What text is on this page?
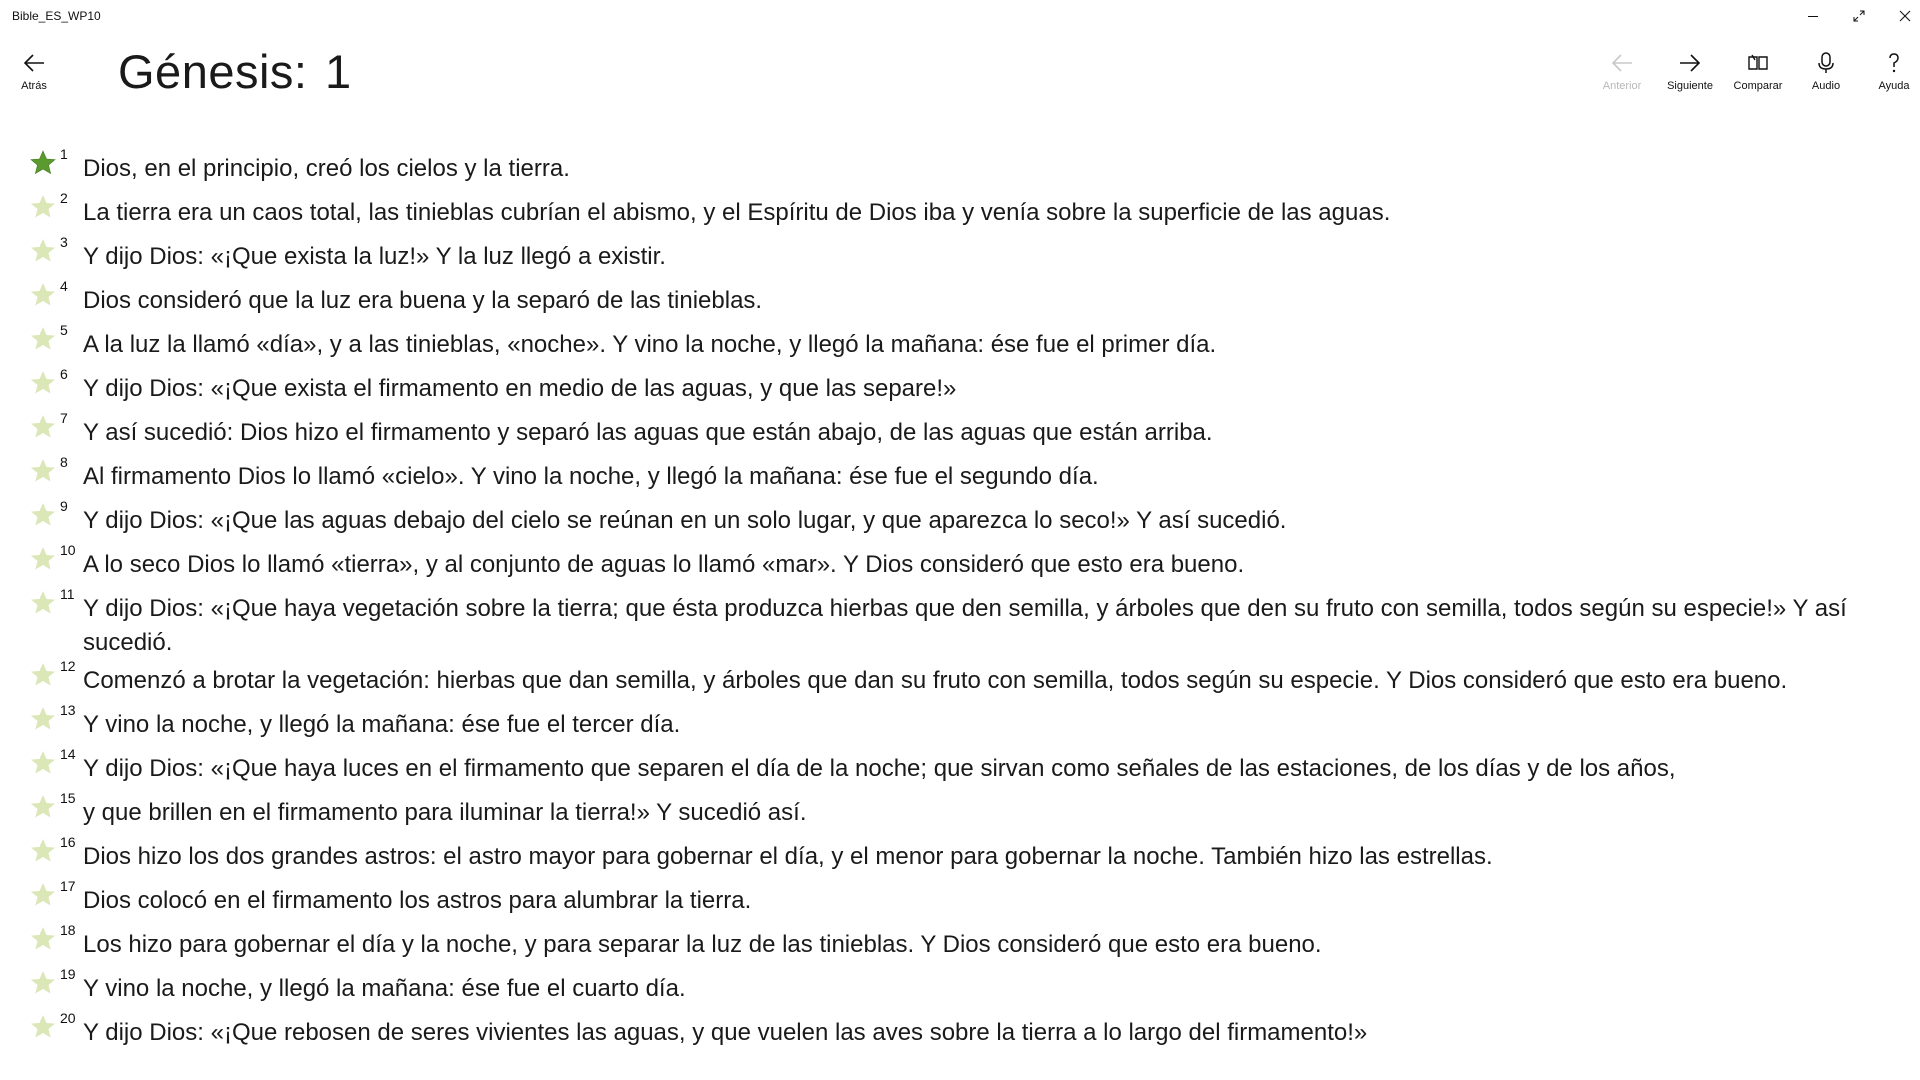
Bible_ES_WP10
Atrás Génesis: 1	Anterior Siguiente Comparar	Audio	Ayuda
1
Dios, en el principio, creó los cielos y la tierra.
2
La tierra era un caos total, las tinieblas cubrían el abismo, y el Espíritu de Dios iba y venía sobre la superficie de las aguas.
3
Y dijo Dios: «¡Que exista la luz!» Y la luz llegó a existir.
4
Dios consideró que la luz era buena y la separó de las tinieblas.
5
A la luz la llamó «día», y a las tinieblas, «noche». Y vino la noche, y llegó la mañana: ése fue el primer día.
6
Y dijo Dios: «¡Que exista el firmamento en medio de las aguas, y que las separe!»
7
Y así sucedió: Dios hizo el firmamento y separó las aguas que están abajo, de las aguas que están arriba.
8
Al firmamento Dios lo llamó «cielo». Y vino la noche, y llegó la mañana: ése fue el segundo día.
9
Y dijo Dios: «¡Que las aguas debajo del cielo se reúnan en un solo lugar, y que aparezca lo seco!» Y así sucedió.
10
A lo seco Dios lo llamó «tierra», y al conjunto de aguas lo llamó «mar». Y Dios consideró que esto era bueno.
11
Y dijo Dios: «¡Que haya vegetación sobre la tierra; que ésta produzca hierbas que den semilla, y árboles que den su fruto con semilla, todos según su especie!» Y así sucedió.
12
Comenzó a brotar la vegetación: hierbas que dan semilla, y árboles que dan su fruto con semilla, todos según su especie. Y Dios consideró que esto era bueno.
13
Y vino la noche, y llegó la mañana: ése fue el tercer día.
14
Y dijo Dios: «¡Que haya luces en el firmamento que separen el día de la noche; que sirvan como señales de las estaciones, de los días y de los años,
15
y que brillen en el firmamento para iluminar la tierra!» Y sucedió así.
16
Dios hizo los dos grandes astros: el astro mayor para gobernar el día, y el menor para gobernar la noche. También hizo las estrellas.
17
Dios colocó en el firmamento los astros para alumbrar la tierra.
18
Los hizo para gobernar el día y la noche, y para separar la luz de las tinieblas. Y Dios consideró que esto era bueno.
19
Y vino la noche, y llegó la mañana: ése fue el cuarto día.
20
Y dijo Dios: «¡Que rebosen de seres vivientes las aguas, y que vuelen las aves sobre la tierra a lo largo del firmamento!»
